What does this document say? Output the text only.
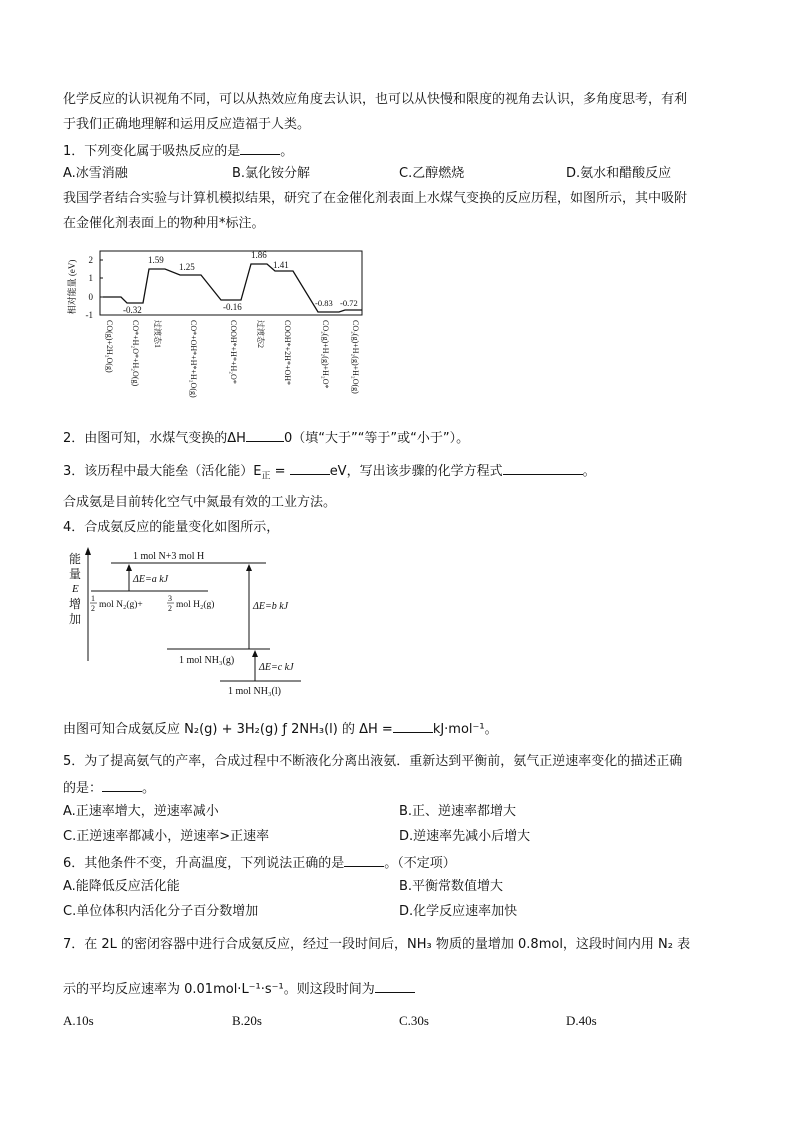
化学反应的认识视角不同，可以从热效应角度去认识，也可以从快慢和限度的视角去认识，多角度思考，有利
于我们正确地理解和运用反应造福于人类。
1．下列变化属于吸热反应的是	。
A.冰雪消融	B.氯化铵分解	C.乙醇燃烧	D.氨水和醋酸反应
我国学者结合实验与计算机模拟结果，研究了在金催化剂表面上水煤气变换的反应历程，如图所示，其中吸附
在金催化剂表面上的物种用*标注。
相对能量 (eV) 2
1
0
-1	-0.32
1.59
1.25
-0.16
1.86
1.41
-0.83 -0.72
CO(g)+2H₂O(g) CO*+H₂O*+H₂O(g) 过渡态1	CO*+OH*+H*+H₂O(g)	COOH*+H*+H₂O* 过渡态2 COOH*+2H*+OH*	CO₂(g)+H₂(g)+H₂O*	CO₂(g)+H₂(g)+H₂O(g)
2．由图可知，水煤气变换的ΔH	0（填“大于”“等于”或“小于”）。
3．该历程中最大能垒（活化能）$E_正$ =	eV，写出该步骤的化学方程式	。
合成氨是目前转化空气中氮最有效的工业方法。
4．合成氨反应的能量变化如图所示，
能
量
E
增
加
1 mol N+3 mol H
ΔE=a kJ
1
2 mol N₂(g)+
3
2 mol H₂(g)	ΔE=b kJ
1 mol NH₃(g)
ΔE=c kJ
1 mol NH₃(l)
由图可知合成氨反应 N₂(g) + 3H₂(g) ƒ 2NH₃(l) 的 ΔH =	kJ·mol⁻¹。
5．为了提高氨气的产率，合成过程中不断液化分离出液氨．重新达到平衡前，氨气正逆速率变化的描述正确
的是：	。
A.正速率增大，逆速率减小	B.正、逆速率都增大
C.正逆速率都减小，逆速率>正速率	D.逆速率先减小后增大
6．其他条件不变，升高温度，下列说法正确的是	。（不定项）
A.能降低反应活化能	B.平衡常数值增大
C.单位体积内活化分子百分数增加	D.化学反应速率加快
7．在 2L 的密闭容器中进行合成氨反应，经过一段时间后，NH₃ 物质的量增加 0.8mol，这段时间内用 N₂ 表
示的平均反应速率为 0.01mol·L⁻¹·s⁻¹。则这段时间为
A.10s	B.20s	C.30s	D.40s
